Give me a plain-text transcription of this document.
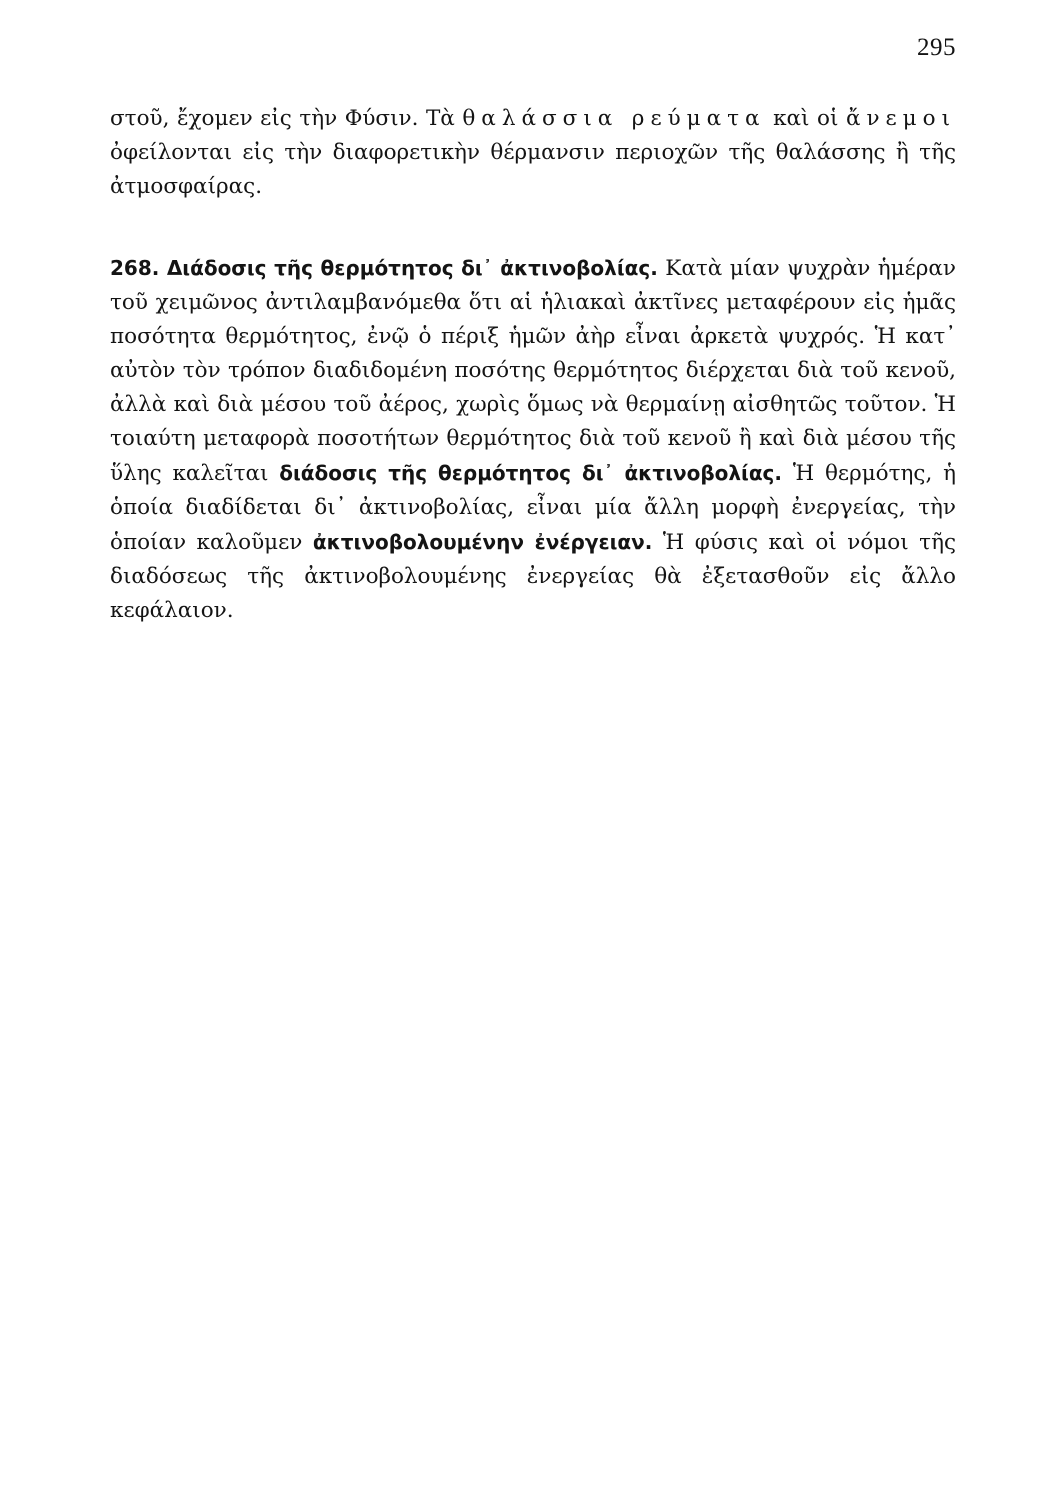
295

στοῦ, ἔχομεν εἰς τὴν Φύσιν. Τὰ θαλάσσια ρεύματα καὶ οἱ ἄνεμοι ὀφείλονται εἰς τὴν διαφορετικὴν θέρμανσιν περιοχῶν τῆς θαλάσσης ἢ τῆς ἀτμοσφαίρας.

268. Διάδοσις τῆς θερμότητος δι᾽ ἀκτινοβολίας. Κατὰ μίαν ψυχρὰν ἡμέραν τοῦ χειμῶνος ἀντιλαμβανόμεθα ὅτι αἱ ἡλιακαὶ ἀκτῖνες μεταφέρουν εἰς ἡμᾶς ποσότητα θερμότητος, ἐνῷ ὁ πέριξ ἡμῶν ἀὴρ εἶναι ἀρκετὰ ψυχρός. Ἡ κατ᾽ αὐτὸν τὸν τρόπον διαδιδομένη ποσότης θερμότητος διέρχεται διὰ τοῦ κενοῦ, ἀλλὰ καὶ διὰ μέσου τοῦ ἀέρος, χωρὶς ὅμως νὰ θερμαίνῃ αἰσθητῶς τοῦτον. Ἡ τοιαύτη μεταφορὰ ποσοτήτων θερμότητος διὰ τοῦ κενοῦ ἢ καὶ διὰ μέσου τῆς ὕλης καλεῖται διάδοσις τῆς θερμότητος δι᾽ ἀκτινοβολίας. Ἡ θερμότης, ἡ ὁποία διαδίδεται δι᾽ ἀκτινοβολίας, εἶναι μία ἄλλη μορφὴ ἐνεργείας, τὴν ὁποίαν καλοῦμεν ἀκτινοβολουμένην ἐνέργειαν. Ἡ φύσις καὶ οἱ νόμοι τῆς διαδόσεως τῆς ἀκτινοβολουμένης ἐνεργείας θὰ ἐξετασθοῦν εἰς ἄλλο κεφάλαιον.
